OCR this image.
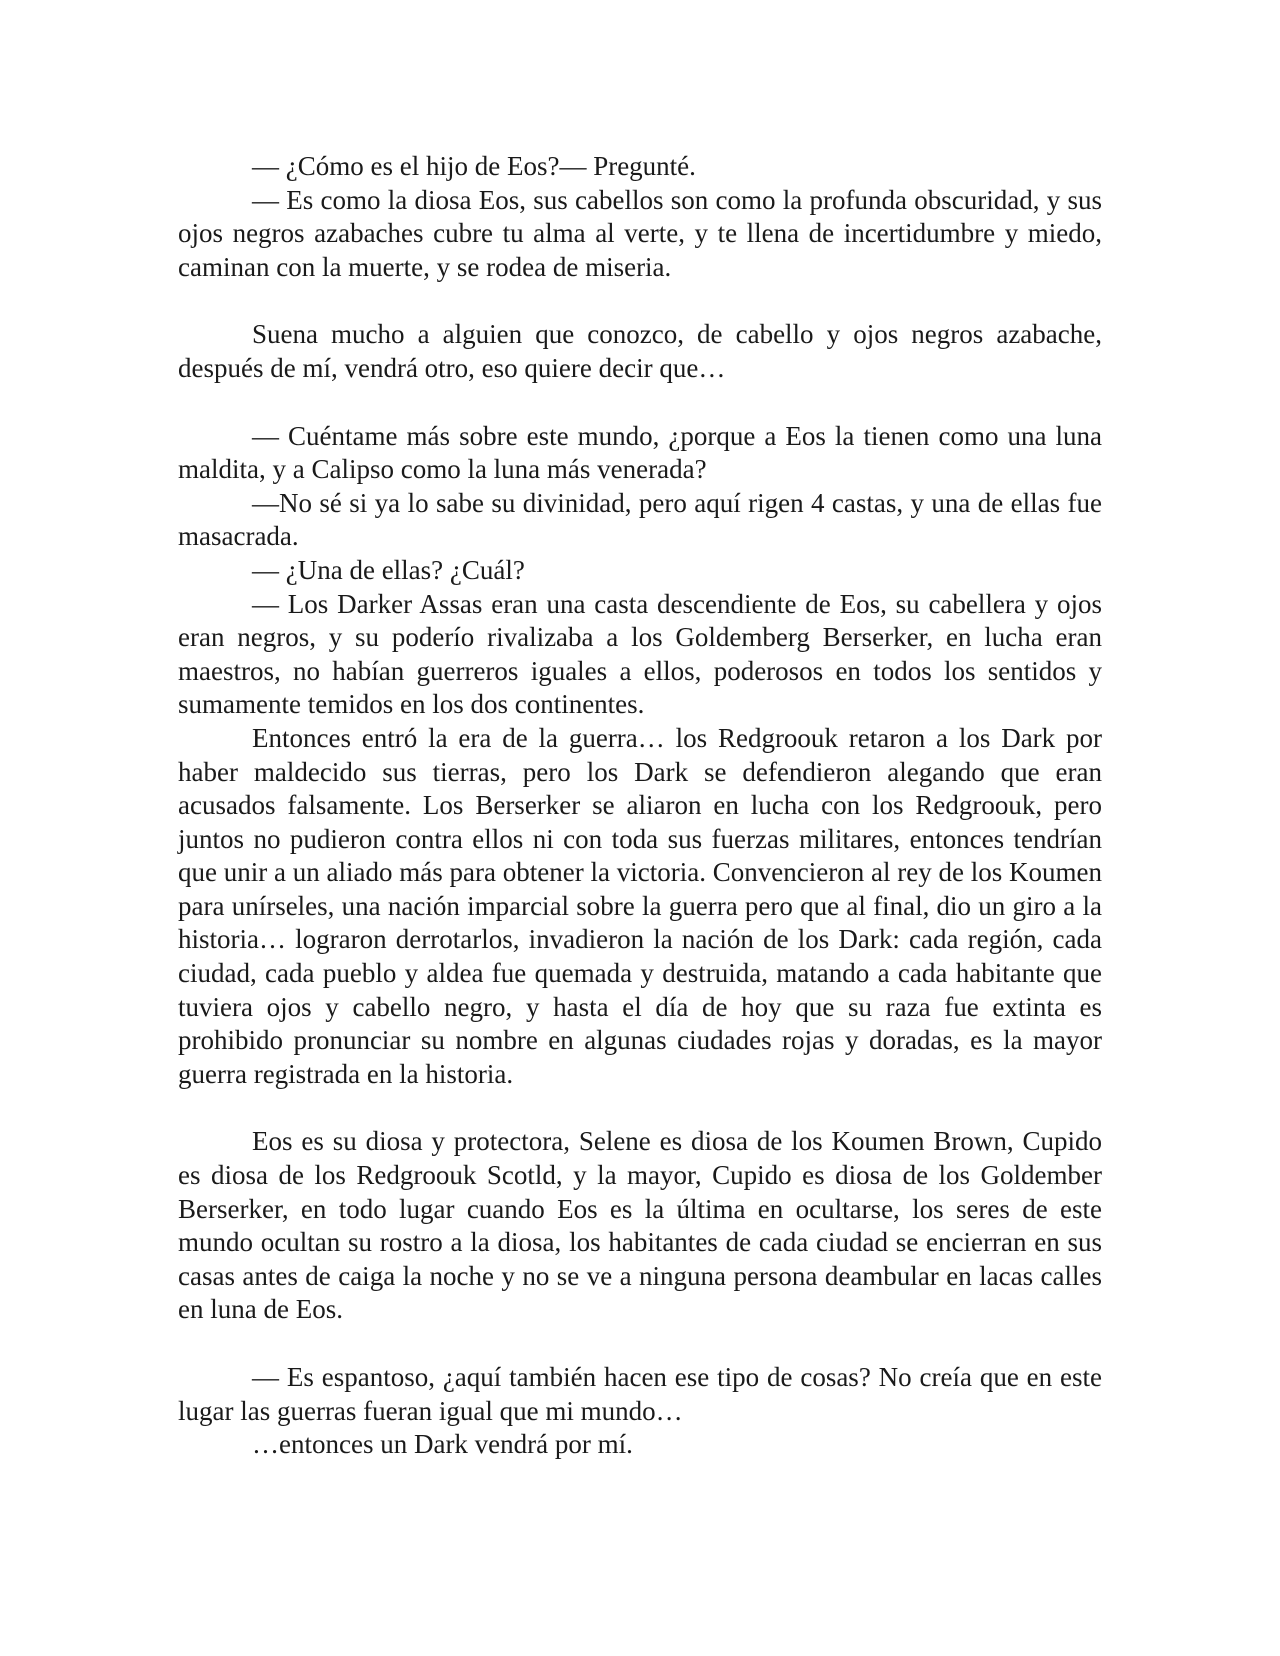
— ¿Cómo es el hijo de Eos?— Pregunté.

— Es como la diosa Eos, sus cabellos son como la profunda obscuridad, y sus ojos negros azabaches cubre tu alma al verte, y te llena de incertidumbre y miedo, caminan con la muerte, y se rodea de miseria.

Suena mucho a alguien que conozco, de cabello y ojos negros azabache, después de mí, vendrá otro, eso quiere decir que…

— Cuéntame más sobre este mundo, ¿porque a Eos la tienen como una luna maldita, y a Calipso como la luna más venerada?

—No sé si ya lo sabe su divinidad, pero aquí rigen 4 castas, y una de ellas fue masacrada.

— ¿Una de ellas? ¿Cuál?

— Los Darker Assas eran una casta descendiente de Eos, su cabellera y ojos eran negros, y su poderío rivalizaba a los Goldemberg Berserker, en lucha eran maestros, no habían guerreros iguales a ellos, poderosos en todos los sentidos y sumamente temidos en los dos continentes.

Entonces entró la era de la guerra… los Redgroouk retaron a los Dark por haber maldecido sus tierras, pero los Dark se defendieron alegando que eran acusados falsamente. Los Berserker se aliaron en lucha con los Redgroouk, pero juntos no pudieron contra ellos ni con toda sus fuerzas militares, entonces tendrían que unir a un aliado más para obtener la victoria. Convencieron al rey de los Koumen para unírseles, una nación imparcial sobre la guerra pero que al final, dio un giro a la historia… lograron derrotarlos, invadieron la nación de los Dark: cada región, cada ciudad, cada pueblo y aldea fue quemada y destruida, matando a cada habitante que tuviera ojos y cabello negro, y hasta el día de hoy que su raza fue extinta es prohibido pronunciar su nombre en algunas ciudades rojas y doradas, es la mayor guerra registrada en la historia.

Eos es su diosa y protectora, Selene es diosa de los Koumen Brown, Cupido es diosa de los Redgroouk Scotld, y la mayor, Cupido es diosa de los Goldember Berserker, en todo lugar cuando Eos es la última en ocultarse, los seres de este mundo ocultan su rostro a la diosa, los habitantes de cada ciudad se encierran en sus casas antes de caiga la noche y no se ve a ninguna persona deambular en lacas calles en luna de Eos.

— Es espantoso, ¿aquí también hacen ese tipo de cosas? No creía que en este lugar las guerras fueran igual que mi mundo…

…entonces un Dark vendrá por mí.
